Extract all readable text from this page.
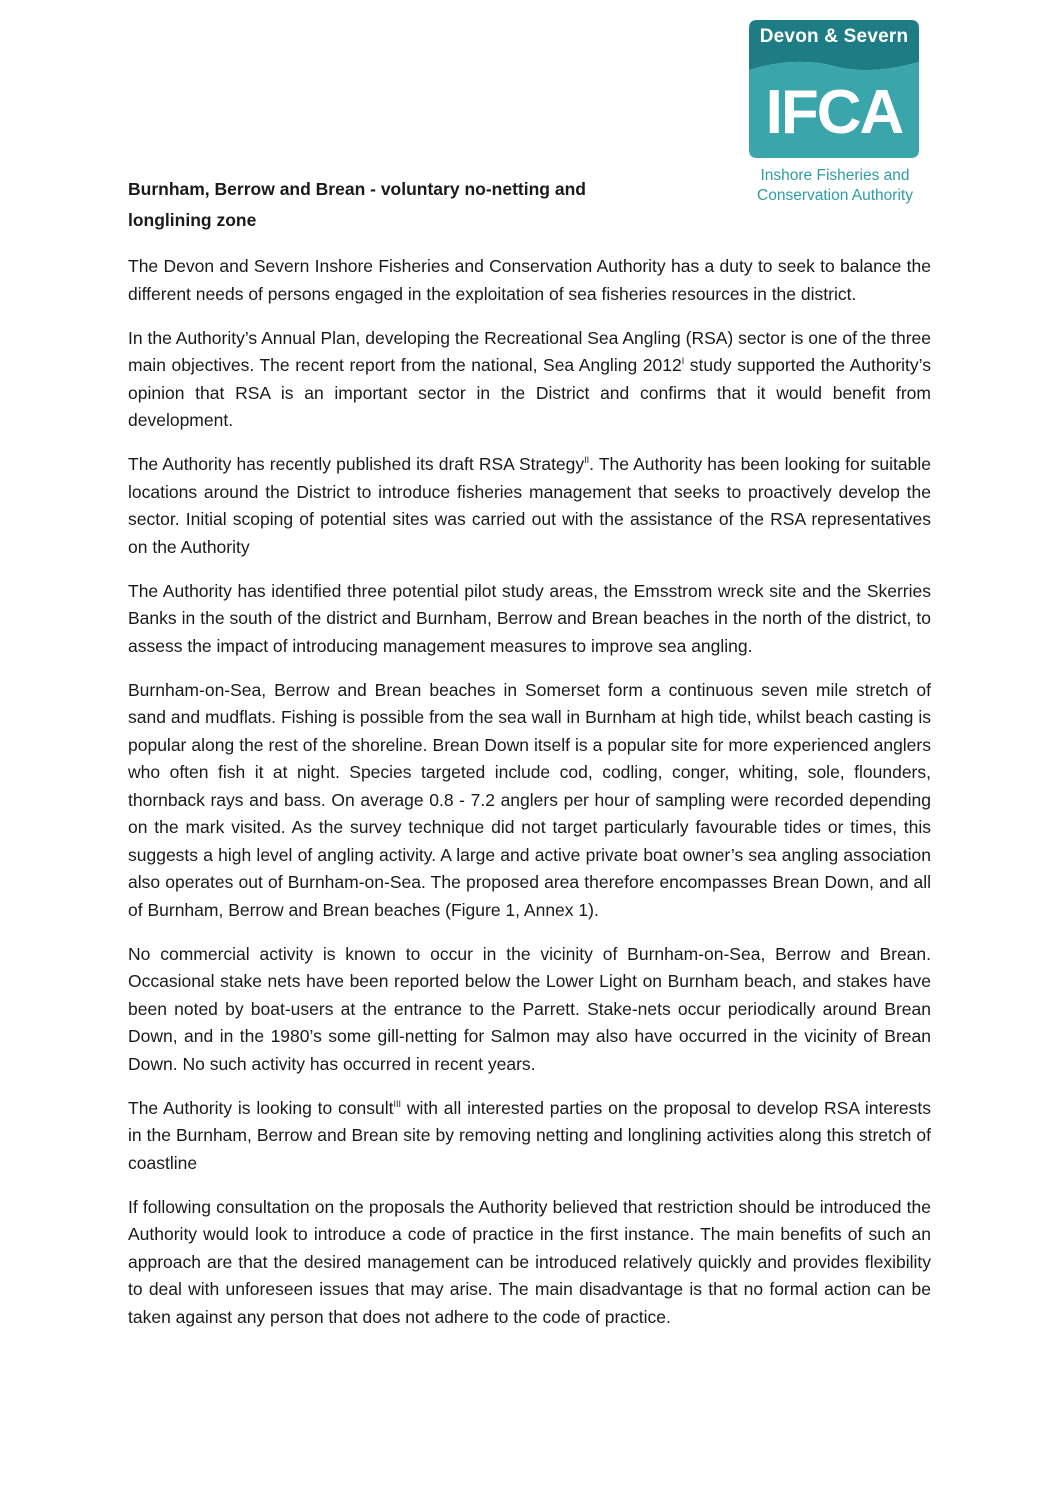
Devon & Severn
IFCA
Inshore Fisheries and
Conservation Authority
Burnham, Berrow and Brean - voluntary no-netting and longlining zone

The Devon and Severn Inshore Fisheries and Conservation Authority has a duty to seek to balance the different needs of persons engaged in the exploitation of sea fisheries resources in the district.

In the Authority’s Annual Plan, developing the Recreational Sea Angling (RSA) sector is one of the three main objectives. The recent report from the national, Sea Angling $2012^I$ study supported the Authority’s opinion that RSA is an important sector in the District and confirms that it would benefit from development.

The Authority has recently published its draft RSA Strategy$^{II}$. The Authority has been looking for suitable locations around the District to introduce fisheries management that seeks to proactively develop the sector. Initial scoping of potential sites was carried out with the assistance of the RSA representatives on the Authority

The Authority has identified three potential pilot study areas, the Emsstrom wreck site and the Skerries Banks in the south of the district and Burnham, Berrow and Brean beaches in the north of the district, to assess the impact of introducing management measures to improve sea angling.

Burnham-on-Sea, Berrow and Brean beaches in Somerset form a continuous seven mile stretch of sand and mudflats. Fishing is possible from the sea wall in Burnham at high tide, whilst beach casting is popular along the rest of the shoreline. Brean Down itself is a popular site for more experienced anglers who often fish it at night. Species targeted include cod, codling, conger, whiting, sole, flounders, thornback rays and bass. On average 0.8 - 7.2 anglers per hour of sampling were recorded depending on the mark visited. As the survey technique did not target particularly favourable tides or times, this suggests a high level of angling activity. A large and active private boat owner’s sea angling association also operates out of Burnham-on-Sea. The proposed area therefore encompasses Brean Down, and all of Burnham, Berrow and Brean beaches (Figure 1, Annex 1).

No commercial activity is known to occur in the vicinity of Burnham-on-Sea, Berrow and Brean. Occasional stake nets have been reported below the Lower Light on Burnham beach, and stakes have been noted by boat-users at the entrance to the Parrett. Stake-nets occur periodically around Brean Down, and in the 1980’s some gill-netting for Salmon may also have occurred in the vicinity of Brean Down. No such activity has occurred in recent years.

The Authority is looking to consult$^{III}$ with all interested parties on the proposal to develop RSA interests in the Burnham, Berrow and Brean site by removing netting and longlining activities along this stretch of coastline

If following consultation on the proposals the Authority believed that restriction should be introduced the Authority would look to introduce a code of practice in the first instance. The main benefits of such an approach are that the desired management can be introduced relatively quickly and provides flexibility to deal with unforeseen issues that may arise. The main disadvantage is that no formal action can be taken against any person that does not adhere to the code of practice.
